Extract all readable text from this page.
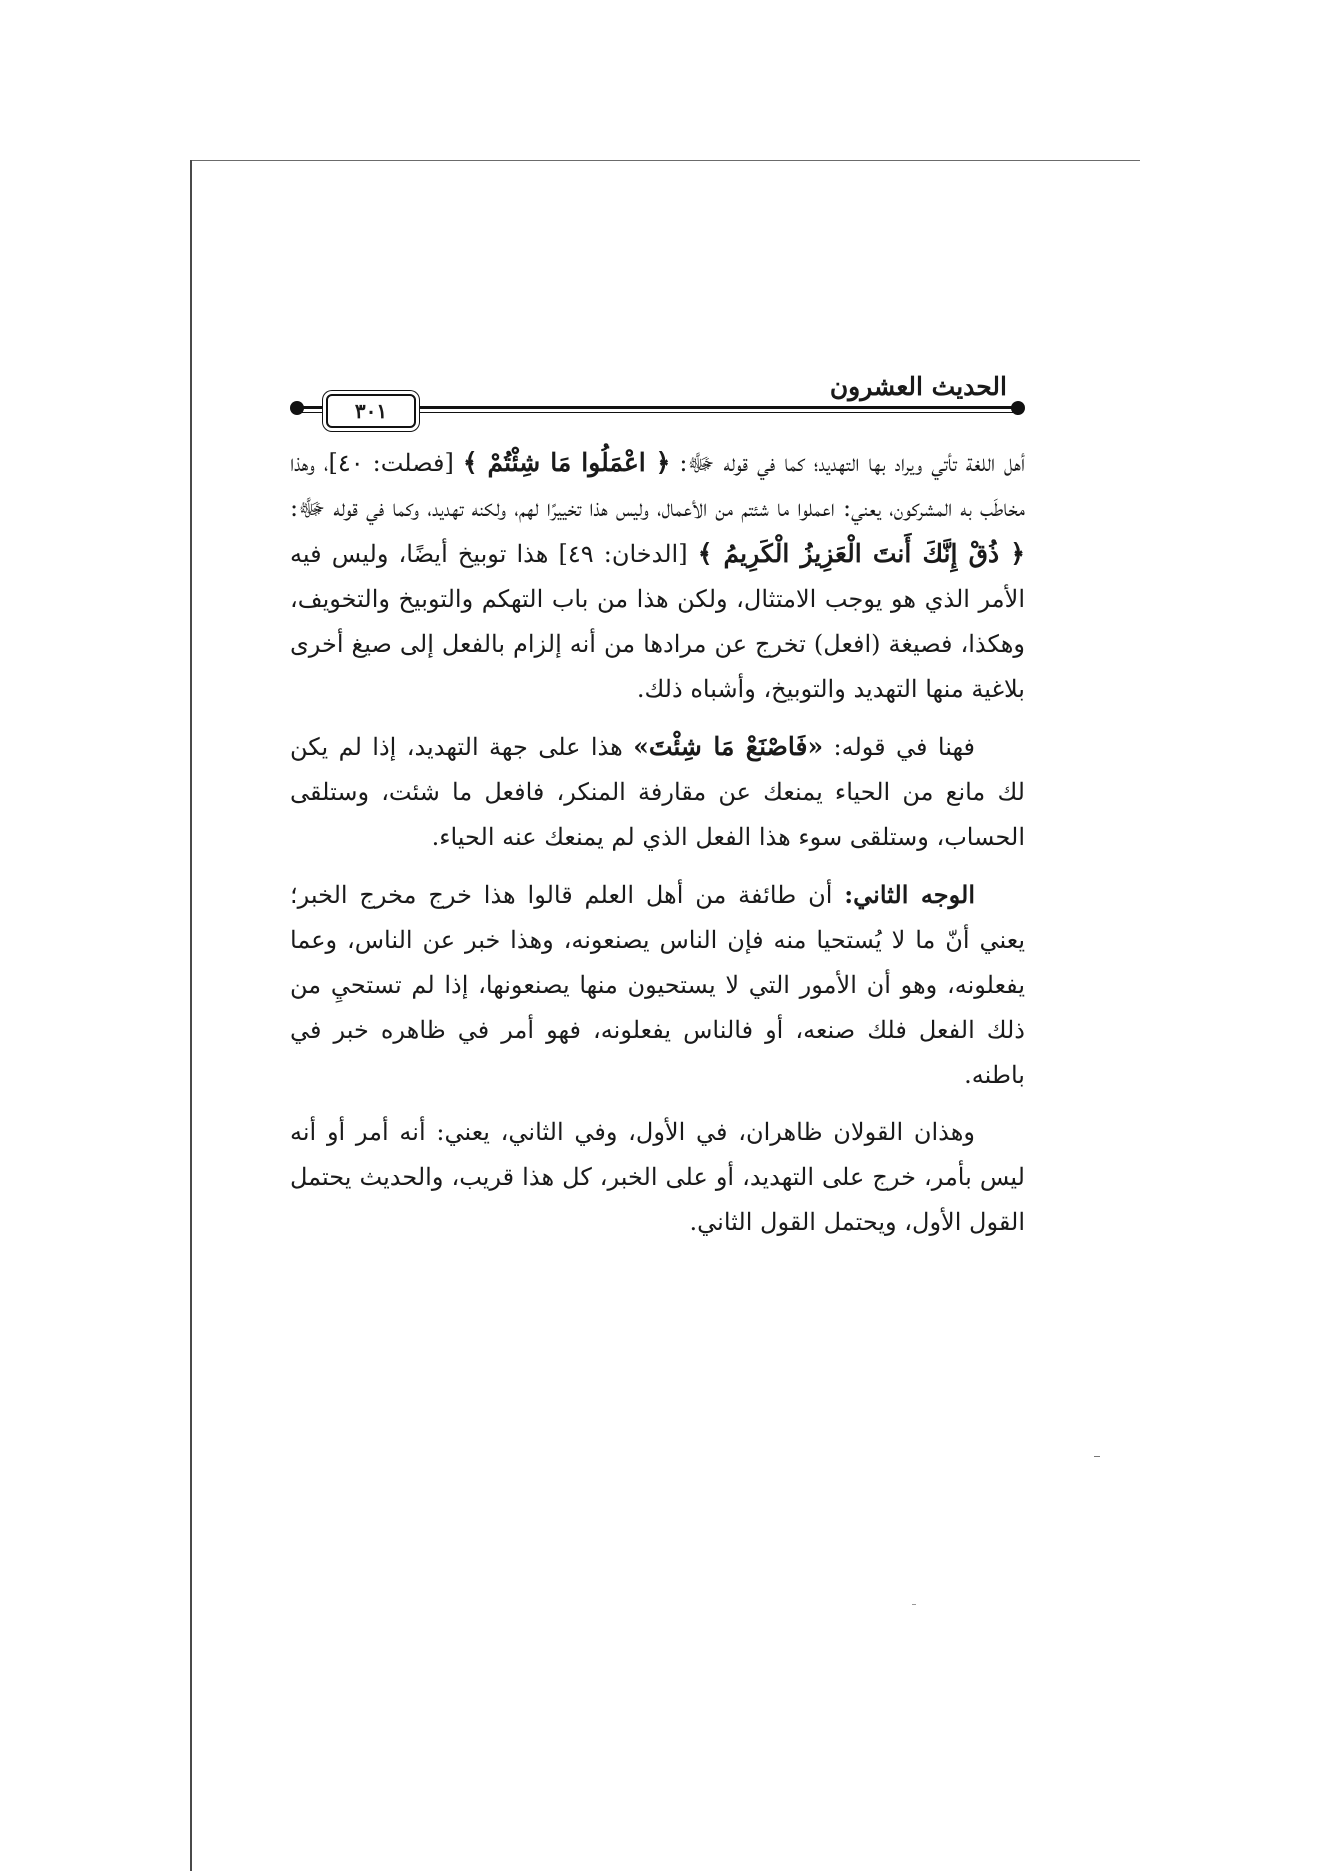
٣٠١
الحديث العشرون

أهل اللغة تأتي ويراد بها التهديد؛ كما في قوله ﷻ: ﴿ اعْمَلُوا مَا شِئْتُمْ ﴾ [فصلت: ٤٠]، وهذا مخاطَب به المشركون، يعني: اعملوا ما شئتم من الأعمال، وليس هذا تخييرًا لهم، ولكنه تهديد، وكما في قوله ﷻ: ﴿ ذُقْ إِنَّكَ أَنتَ الْعَزِيزُ الْكَرِيمُ ﴾ [الدخان: ٤٩] هذا توبيخ أيضًا، وليس فيه الأمر الذي هو يوجب الامتثال، ولكن هذا من باب التهكم والتوبيخ والتخويف، وهكذا، فصيغة (افعل) تخرج عن مرادها من أنه إلزام بالفعل إلى صيغ أخرى بلاغية منها التهديد والتوبيخ، وأشباه ذلك.

فهنا في قوله: «فَاصْنَعْ مَا شِئْتَ» هذا على جهة التهديد، إذا لم يكن لك مانع من الحياء يمنعك عن مقارفة المنكر، فافعل ما شئت، وستلقى الحساب، وستلقى سوء هذا الفعل الذي لم يمنعك عنه الحياء.

الوجه الثاني: أن طائفة من أهل العلم قالوا هذا خرج مخرج الخبر؛ يعني أنّ ما لا يُستحيا منه فإن الناس يصنعونه، وهذا خبر عن الناس، وعما يفعلونه، وهو أن الأمور التي لا يستحيون منها يصنعونها، إذا لم تستحيِ من ذلك الفعل فلك صنعه، أو فالناس يفعلونه، فهو أمر في ظاهره خبر في باطنه.

وهذان القولان ظاهران، في الأول، وفي الثاني، يعني: أنه أمر أو أنه ليس بأمر، خرج على التهديد، أو على الخبر، كل هذا قريب، والحديث يحتمل القول الأول، ويحتمل القول الثاني.
